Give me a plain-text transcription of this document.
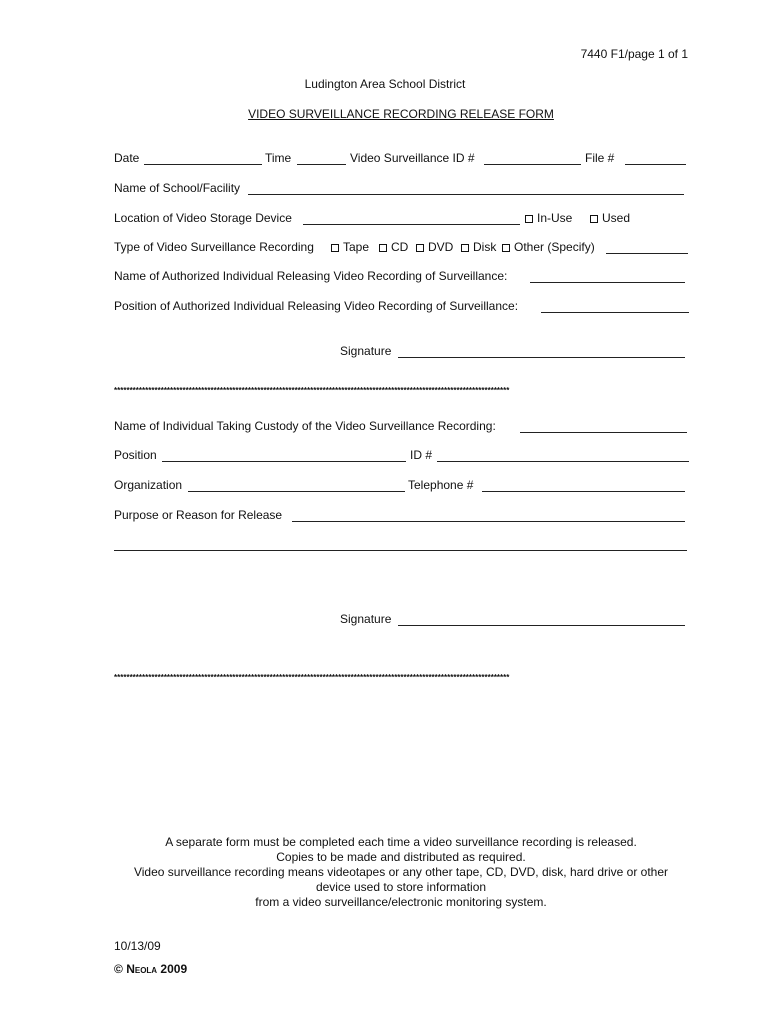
7440 F1/page 1 of 1
Ludington Area School District
VIDEO SURVEILLANCE RECORDING RELEASE FORM
Date	Time	Video Surveillance ID #	File #
Name of School/Facility
Location of Video Storage Device	In-Use	Used
Type of Video Surveillance Recording	Tape	CD	DVD	Disk	Other (Specify)
Name of Authorized Individual Releasing Video Recording of Surveillance:
Position of Authorized Individual Releasing Video Recording of Surveillance:
Signature
*******************************************************************************************************************************
Name of Individual Taking Custody of the Video Surveillance Recording:
Position	ID #
Organization	Telephone #
Purpose or Reason for Release
Signature
*******************************************************************************************************************************
A separate form must be completed each time a video surveillance recording is released.
Copies to be made and distributed as required.
Video surveillance recording means videotapes or any other tape, CD, DVD, disk, hard drive or other
device used to store information
from a video surveillance/electronic monitoring system.
10/13/09
© Neola 2009
